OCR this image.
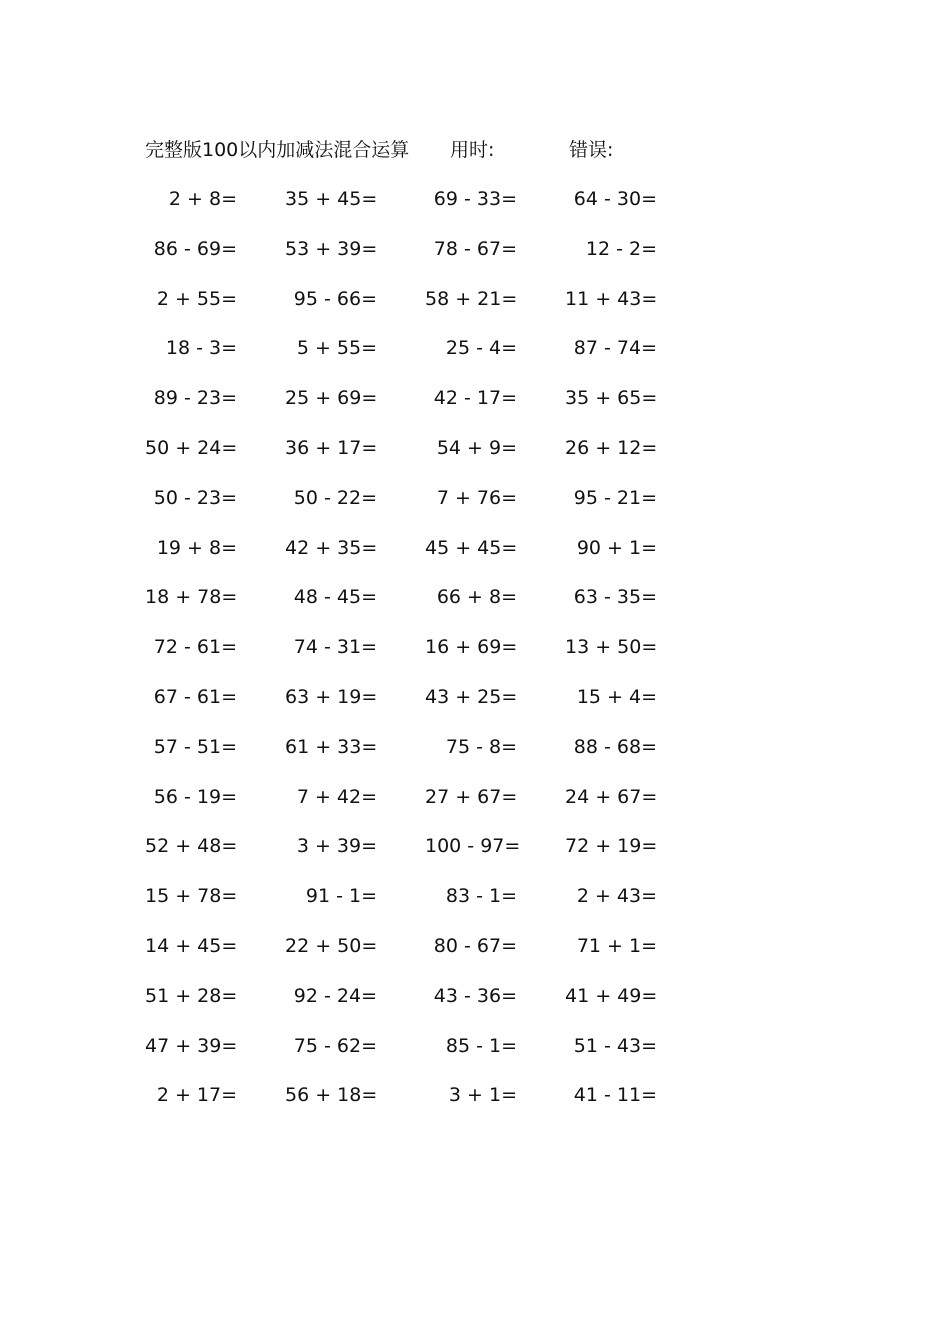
完整版100以内加减法混合运算 用时:	错误:
2 + 8=	35 + 45=	69 - 33=	64 - 30=
86 - 69=	53 + 39=	78 - 67=	12 - 2=
2 + 55=	95 - 66=	58 + 21=	11 + 43=
18 - 3=	5 + 55=	25 - 4=	87 - 74=
89 - 23=	25 + 69=	42 - 17=	35 + 65=
50 + 24=	36 + 17=	54 + 9=	26 + 12=
50 - 23=	50 - 22=	7 + 76=	95 - 21=
19 + 8=	42 + 35=	45 + 45=	90 + 1=
18 + 78=	48 - 45=	66 + 8=	63 - 35=
72 - 61=	74 - 31=	16 + 69=	13 + 50=
67 - 61=	63 + 19=	43 + 25=	15 + 4=
57 - 51=	61 + 33=	75 - 8=	88 - 68=
56 - 19=	7 + 42=	27 + 67=	24 + 67=
52 + 48=	3 + 39=	100 - 97= 72 + 19=
15 + 78=	91 - 1=	83 - 1=	2 + 43=
14 + 45=	22 + 50=	80 - 67=	71 + 1=
51 + 28=	92 - 24=	43 - 36=	41 + 49=
47 + 39=	75 - 62=	85 - 1=	51 - 43=
2 + 17=	56 + 18=	3 + 1=	41 - 11=
